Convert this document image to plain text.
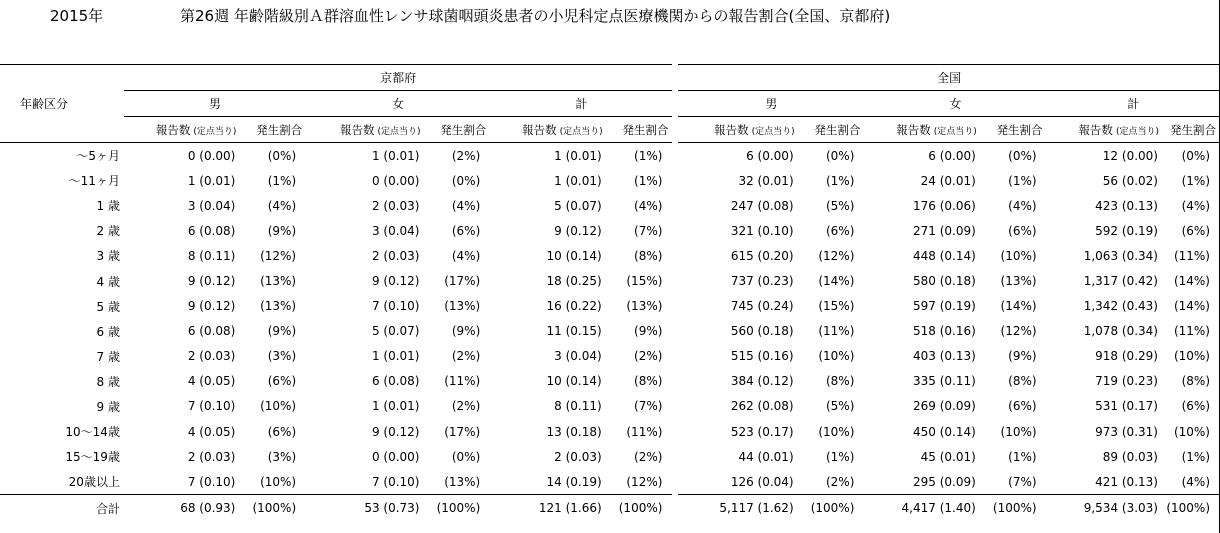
2015年	第26週 年齢階級別Ａ群溶血性レンサ球菌咽頭炎患者の小児科定点医療機関からの報告割合(全国、京都府)
年齢区分	京都府							全国					
	男		女		計			男		女		計	
	報告数 (定点当り)	発生割合	報告数 (定点当り)	発生割合	報告数 (定点当り)	発生割合		報告数 (定点当り)	発生割合	報告数 (定点当り)	発生割合	報告数 (定点当り)	発生割合
～5ヶ月	0 (0.00)	(0%)	1 (0.01)	(2%)	1 (0.01)	(1%)		6 (0.00)	(0%)	6 (0.00)	(0%)	12 (0.00)	(0%)
～11ヶ月	1 (0.01)	(1%)	0 (0.00)	(0%)	1 (0.01)	(1%)		32 (0.01)	(1%)	24 (0.01)	(1%)	56 (0.02)	(1%)
1 歳	3 (0.04)	(4%)	2 (0.03)	(4%)	5 (0.07)	(4%)		247 (0.08)	(5%)	176 (0.06)	(4%)	423 (0.13)	(4%)
2 歳	6 (0.08)	(9%)	3 (0.04)	(6%)	9 (0.12)	(7%)		321 (0.10)	(6%)	271 (0.09)	(6%)	592 (0.19)	(6%)
3 歳	8 (0.11)	(12%)	2 (0.03)	(4%)	10 (0.14)	(8%)		615 (0.20)	(12%)	448 (0.14)	(10%)	1,063 (0.34)	(11%)
4 歳	9 (0.12)	(13%)	9 (0.12)	(17%)	18 (0.25)	(15%)		737 (0.23)	(14%)	580 (0.18)	(13%)	1,317 (0.42)	(14%)
5 歳	9 (0.12)	(13%)	7 (0.10)	(13%)	16 (0.22)	(13%)		745 (0.24)	(15%)	597 (0.19)	(14%)	1,342 (0.43)	(14%)
6 歳	6 (0.08)	(9%)	5 (0.07)	(9%)	11 (0.15)	(9%)		560 (0.18)	(11%)	518 (0.16)	(12%)	1,078 (0.34)	(11%)
7 歳	2 (0.03)	(3%)	1 (0.01)	(2%)	3 (0.04)	(2%)		515 (0.16)	(10%)	403 (0.13)	(9%)	918 (0.29)	(10%)
8 歳	4 (0.05)	(6%)	6 (0.08)	(11%)	10 (0.14)	(8%)		384 (0.12)	(8%)	335 (0.11)	(8%)	719 (0.23)	(8%)
9 歳	7 (0.10)	(10%)	1 (0.01)	(2%)	8 (0.11)	(7%)		262 (0.08)	(5%)	269 (0.09)	(6%)	531 (0.17)	(6%)
10～14歳	4 (0.05)	(6%)	9 (0.12)	(17%)	13 (0.18)	(11%)		523 (0.17)	(10%)	450 (0.14)	(10%)	973 (0.31)	(10%)
15～19歳	2 (0.03)	(3%)	0 (0.00)	(0%)	2 (0.03)	(2%)		44 (0.01)	(1%)	45 (0.01)	(1%)	89 (0.03)	(1%)
20歳以上	7 (0.10)	(10%)	7 (0.10)	(13%)	14 (0.19)	(12%)		126 (0.04)	(2%)	295 (0.09)	(7%)	421 (0.13)	(4%)
合計	68 (0.93)	(100%)	53 (0.73)	(100%)	121 (1.66)	(100%)		5,117 (1.62)	(100%)	4,417 (1.40)	(100%)	9,534 (3.03)	(100%)
